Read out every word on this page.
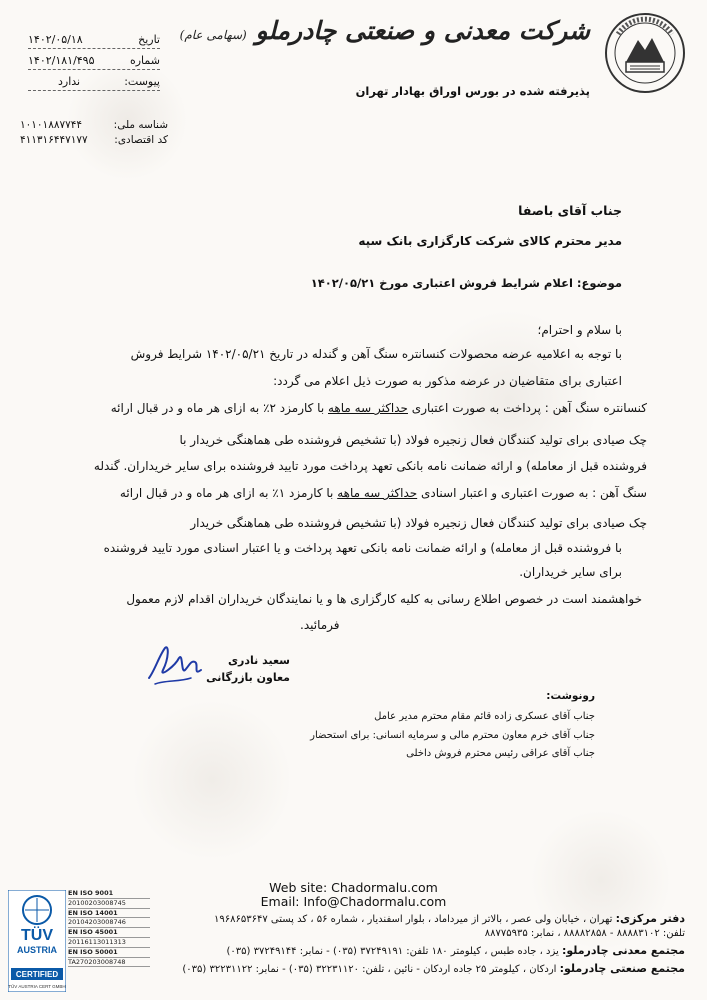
شرکت معدنی و صنعتی چادرملو (سهامی عام)
پذیرفته شده در بورس اوراق بهادار تهران
تاریخ
۱۴۰۲/۰۵/۱۸
شماره
۱۴۰۲/۱۸۱/۴۹۵
پیوست:
ندارد
شناسه ملی:
۱۰۱۰۱۸۸۷۷۴۴
کد اقتصادی:
۴۱۱۳۱۶۴۴۷۱۷۷
جناب آقای باصفا
مدیر محترم کالای شرکت کارگزاری بانک سپه
موضوع: اعلام شرایط فروش اعتباری مورخ ۱۴۰۲/۰۵/۲۱
با سلام و احترام؛
با توجه به اعلامیه عرضه محصولات کنسانتره سنگ آهن و گندله در تاریخ ۱۴۰۲/۰۵/۲۱ شرایط فروش
اعتباری برای متقاضیان در عرضه مذکور به صورت ذیل اعلام می گردد:
کنسانتره سنگ آهن : پرداخت به صورت اعتباری حداکثر سه ماهه با کارمزد ۲٪ به ازای هر ماه و در قبال ارائه
چک صیادی برای تولید کنندگان فعال زنجیره فولاد (با تشخیص فروشنده طی هماهنگی خریدار با
فروشنده قبل از معامله) و ارائه ضمانت نامه بانکی تعهد پرداخت مورد تایید فروشنده برای سایر خریداران. گندله
سنگ آهن : به صورت اعتباری و اعتبار اسنادی حداکثر سه ماهه با کارمزد ۱٪ به ازای هر ماه و در قبال ارائه
چک صیادی برای تولید کنندگان فعال زنجیره فولاد (با تشخیص فروشنده طی هماهنگی خریدار
با فروشنده قبل از معامله) و ارائه ضمانت نامه بانکی تعهد پرداخت و یا اعتبار اسنادی مورد تایید فروشنده
برای سایر خریداران.
خواهشمند است در خصوص اطلاع رسانی به کلیه کارگزاری ها و یا نمایندگان خریداران اقدام لازم معمول
فرمائید.
سعید نادری
معاون بازرگانی
رونوشت:
جناب آقای عسکری زاده قائم مقام محترم مدیر عامل
جناب آقای خرم معاون محترم مالی و سرمایه انسانی: برای استحضار
جناب آقای عراقی رئیس محترم فروش داخلی
Web site: Chadormalu.com
Email: Info@Chadormalu.com
دفتر مرکزی: تهران ، خیابان ولی عصر ، بالاتر از میرداماد ، بلوار اسفندیار ، شماره ۵۶ ، کد پستی ۱۹۶۸۶۵۳۶۴۷
تلفن: ۸۸۸۸۳۱۰۲ - ۸۸۸۸۲۸۵۸ ، نمابر: ۸۸۷۷۵۹۳۵
مجتمع معدنی چادرملو: یزد ، جاده طبس ، کیلومتر ۱۸۰ تلفن: ۳۷۲۴۹۱۹۱ (۰۳۵) - نمابر: ۳۷۲۴۹۱۴۴ (۰۳۵)
مجتمع صنعتی چادرملو: اردکان ، کیلومتر ۲۵ جاده اردکان - نائین ، تلفن: ۳۲۲۳۱۱۲۰ (۰۳۵) - نمابر: ۳۲۲۳۱۱۲۲ (۰۳۵)
TÜV
AUSTRIA
CERTIFIED
TÜV AUSTRIA CERT GMBH
EN ISO 9001
20100203008745
EN ISO 14001
20104203008746
EN ISO 45001
20116113011313
EN ISO 50001
TA270203008748
